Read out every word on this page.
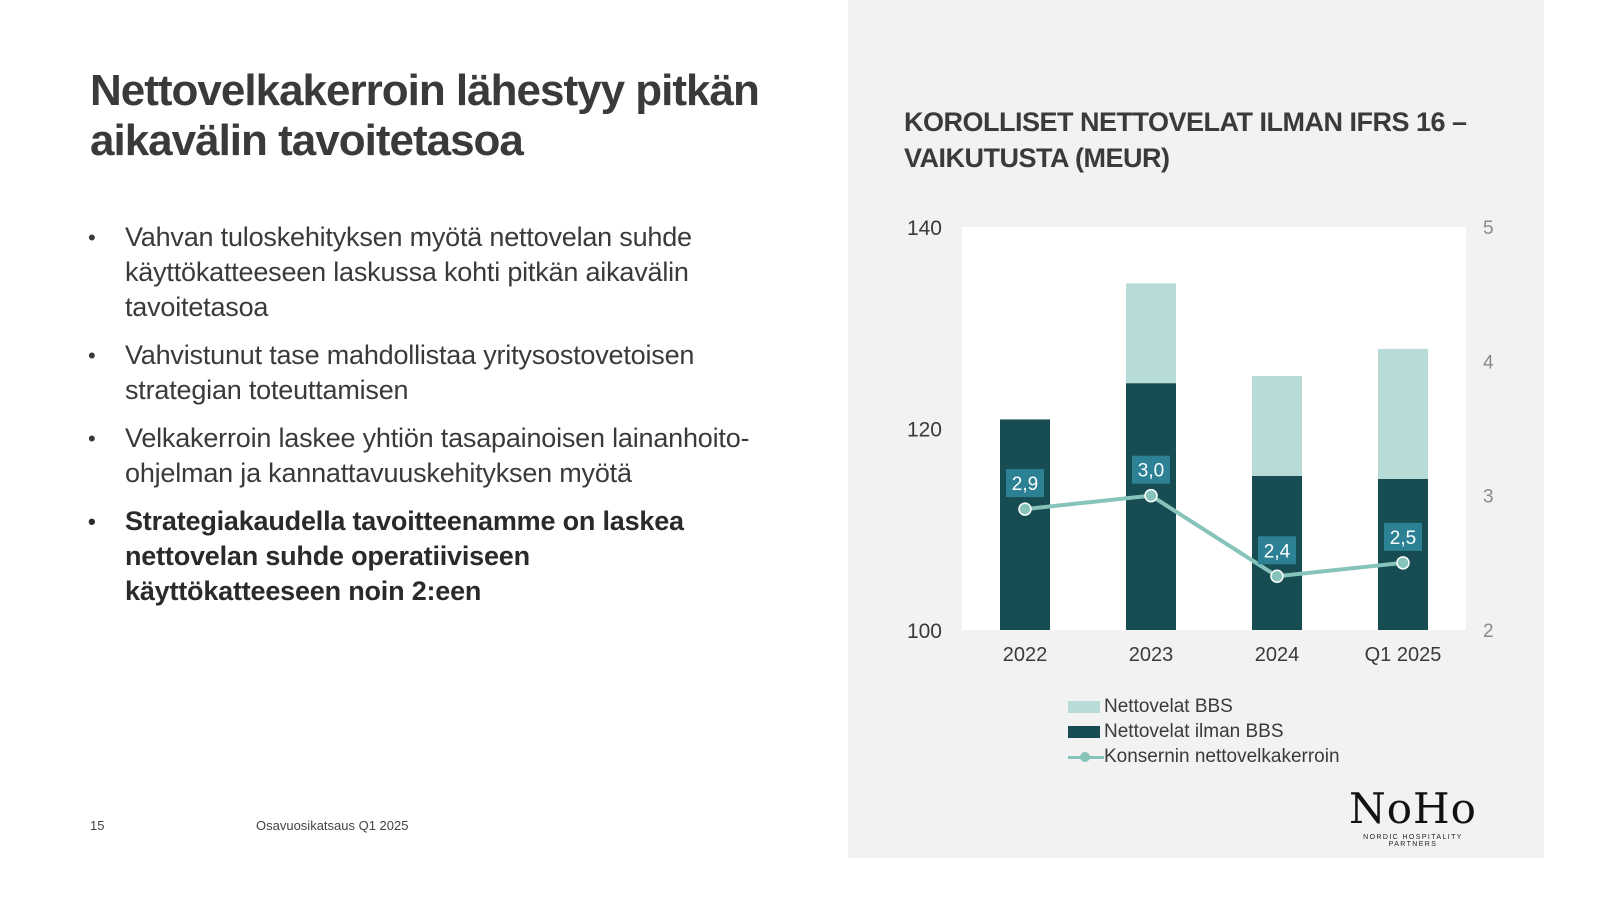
Nettovelkakerroin lähestyy pitkän aikavälin tavoitetasoa
• Vahvan tuloskehityksen myötä nettovelan suhde käyttökatteeseen laskussa kohti pitkän aikavälin tavoitetasoa
• Vahvistunut tase mahdollistaa yritysostovetoisen strategian toteuttamisen
• Velkakerroin laskee yhtiön tasapainoisen lainanhoito-ohjelman ja kannattavuuskehityksen myötä
• Strategiakaudella tavoitteenamme on laskea nettovelan suhde operatiiviseen käyttökatteeseen noin 2:een
15	Osavuosikatsaus Q1 2025
KOROLLISET NETTOVELAT ILMAN IFRS 16 –VAIKUTUSTA (MEUR)
100
120
140
2
3
4
5
2022	2023	2024	Q1 2025
2,9
3,0
2,4
2,5
Nettovelat BBS
Nettovelat ilman BBS
Konsernin nettovelkakerroin
NoHo
NORDIC HOSPITALITY PARTNERS
